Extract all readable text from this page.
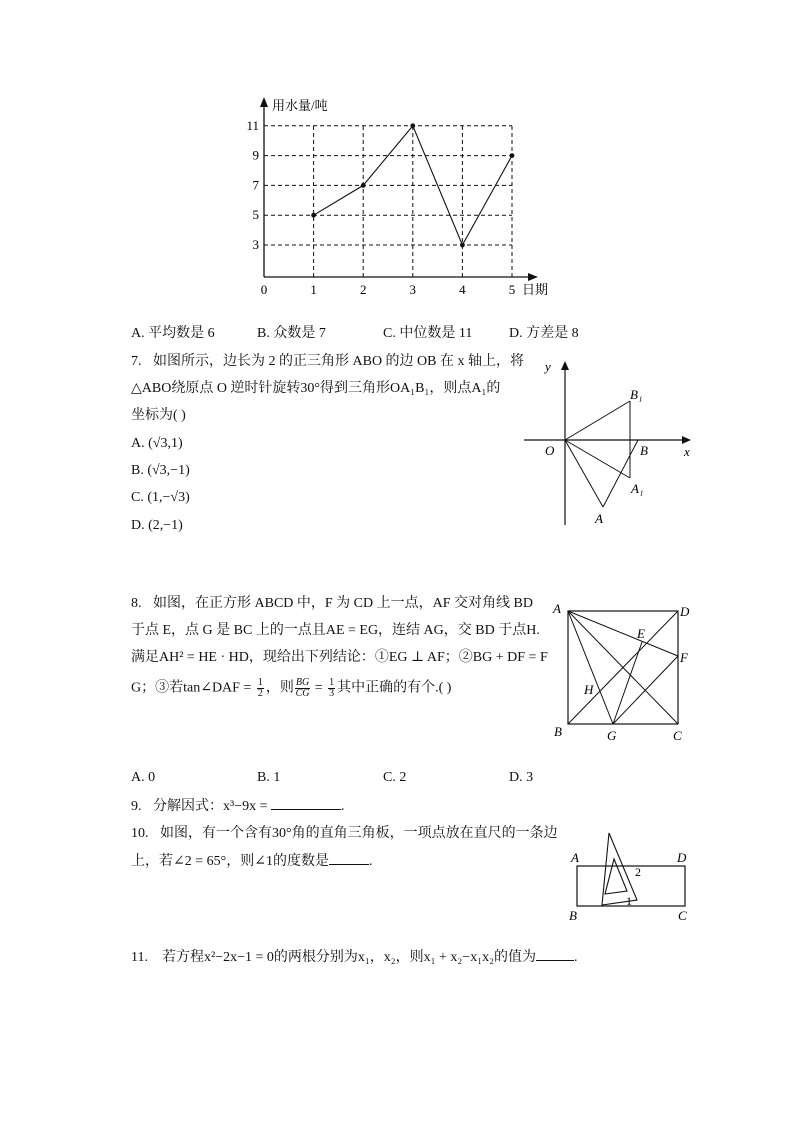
用水量/吨
日期
3
5
7
9
11
0	1	2	3	4	5
A. 平均数是 6	B. 众数是 7	C. 中位数是 11	D. 方差是 8
7. 如图所示，边长为 2 的正三角形 ABO 的边 OB 在 x 轴上，将
△ABO绕原点 O 逆时针旋转30°得到三角形OA₁B₁，则点A₁的
坐标为( )
A. (√3,1)
B. (√3,−1)
C. (1,−√3)
D. (2,−1)
y
x
O	B
B₁
A₁
A
8. 如图，在正方形 ABCD 中，F 为 CD 上一点，AF 交对角线 BD
于点 E，点 G 是 BC 上的一点且AE = EG，连结 AG，交 BD 于点H.
满足AH² = HE · HD，现给出下列结论：①EG ⊥ AF；②BG + DF = F
G；③若tan∠DAF = $\frac{1}{2}$ ，则 $\frac{BG}{CG} = \frac{1}{3}$ 其中正确的有个.( )
A. 0	B. 1	C. 2	D. 3
A	D
E
F
H
B	G	C
9. 分解因式：x³−9x =	.
10. 如图，有一个含有30°角的直角三角板，一项点放在直尺的一条边
上，若∠2 = 65°，则∠1的度数是	.	A	D
B	C
2
1
11. 若方程x²−2x−1 = 0的两根分别为x₁，x₂，则x₁ + x₂−x₁x₂的值为	.
